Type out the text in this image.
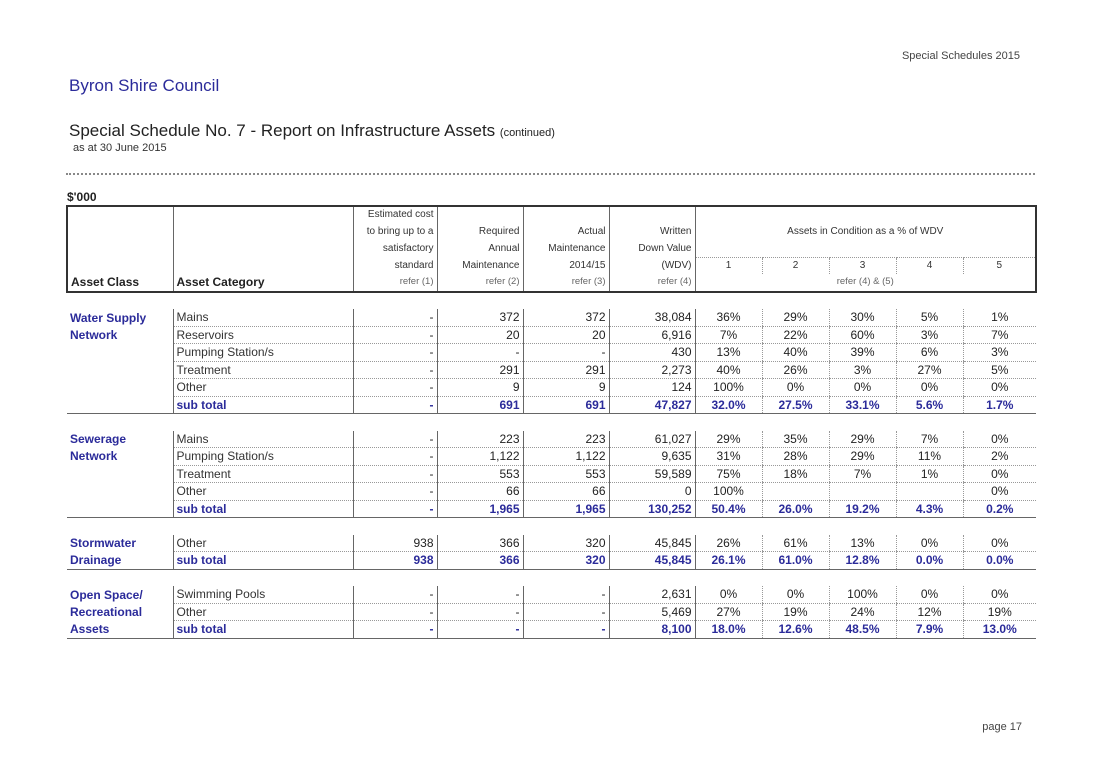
Special Schedules 2015
Byron Shire Council
Special Schedule No. 7 - Report on Infrastructure Assets (continued)
as at 30 June 2015
$'000
		Estimated cost								
		to bring up to a	Required	Actual	Written	Assets in Condition as a % of WDV				
		satisfactory	Annual	Maintenance	Down Value					
		standard	Maintenance	2014/15	(WDV)	1	2	3	4	5
Asset Class	Asset Category	refer (1)	refer (2)	refer (3)	refer (4)	refer (4) & (5)				

Water Supply	Mains	-	372	372	38,084	36%	29%	30%	5%	1%
Network	Reservoirs	-	20	20	6,916	7%	22%	60%	3%	7%
	Pumping Station/s	-	-	-	430	13%	40%	39%	6%	3%
	Treatment	-	291	291	2,273	40%	26%	3%	27%	5%
	Other	-	9	9	124	100%	0%	0%	0%	0%
	sub total	-	691	691	47,827	32.0%	27.5%	33.1%	5.6%	1.7%

Sewerage	Mains	-	223	223	61,027	29%	35%	29%	7%	0%
Network	Pumping Station/s	-	1,122	1,122	9,635	31%	28%	29%	11%	2%
	Treatment	-	553	553	59,589	75%	18%	7%	1%	0%
	Other	-	66	66	0	100%				0%
	sub total	-	1,965	1,965	130,252	50.4%	26.0%	19.2%	4.3%	0.2%

Stormwater	Other	938	366	320	45,845	26%	61%	13%	0%	0%
Drainage	sub total	938	366	320	45,845	26.1%	61.0%	12.8%	0.0%	0.0%

Open Space/	Swimming Pools	-	-	-	2,631	0%	0%	100%	0%	0%
Recreational	Other	-	-	-	5,469	27%	19%	24%	12%	19%
Assets	sub total	-	-	-	8,100	18.0%	12.6%	48.5%	7.9%	13.0%
page 17
